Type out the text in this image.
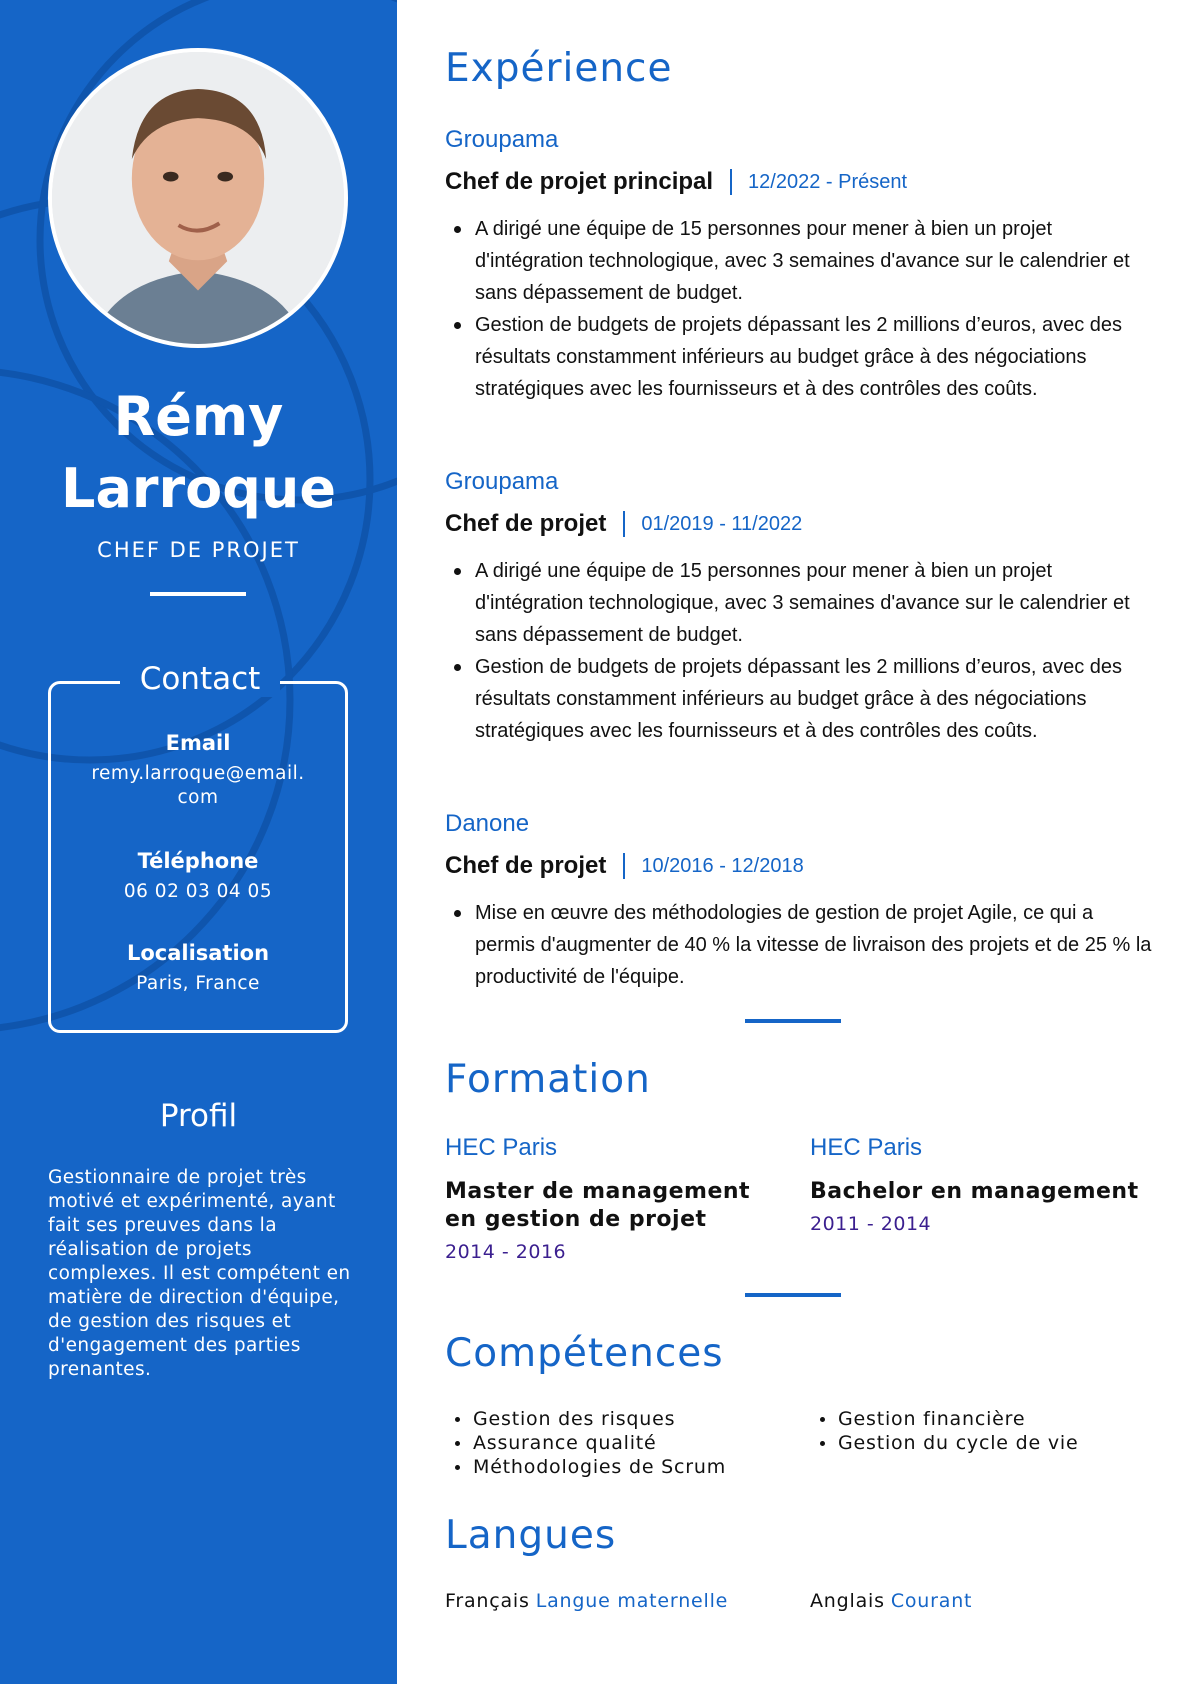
Rémy
Larroque
CHEF DE PROJET
Contact
Email
remy.larroque@email.
com
Téléphone
06 02 03 04 05
Localisation
Paris, France
Profil
Gestionnaire de projet très motivé et expérimenté, ayant fait ses preuves dans la réalisation de projets complexes. Il est compétent en matière de direction d'équipe, de gestion des risques et d'engagement des parties prenantes.
Expérience
Groupama
Chef de projet principal 12/2022 - Présent
A dirigé une équipe de 15 personnes pour mener à bien un projet d'intégration technologique, avec 3 semaines d'avance sur le calendrier et sans dépassement de budget.
Gestion de budgets de projets dépassant les 2 millions d’euros, avec des résultats constamment inférieurs au budget grâce à des négociations stratégiques avec les fournisseurs et à des contrôles des coûts.
Groupama
Chef de projet 01/2019 - 11/2022
A dirigé une équipe de 15 personnes pour mener à bien un projet d'intégration technologique, avec 3 semaines d'avance sur le calendrier et sans dépassement de budget.
Gestion de budgets de projets dépassant les 2 millions d’euros, avec des résultats constamment inférieurs au budget grâce à des négociations stratégiques avec les fournisseurs et à des contrôles des coûts.
Danone
Chef de projet 10/2016 - 12/2018
Mise en œuvre des méthodologies de gestion de projet Agile, ce qui a permis d'augmenter de 40 % la vitesse de livraison des projets et de 25 % la productivité de l'équipe.
Formation
HEC Paris
Master de management en gestion de projet
2014 - 2016
HEC Paris
Bachelor en management
2011 - 2014
Compétences
Gestion des risques
Assurance qualité
Méthodologies de Scrum
Gestion financière
Gestion du cycle de vie
Langues
Français Langue maternelle	Anglais Courant
